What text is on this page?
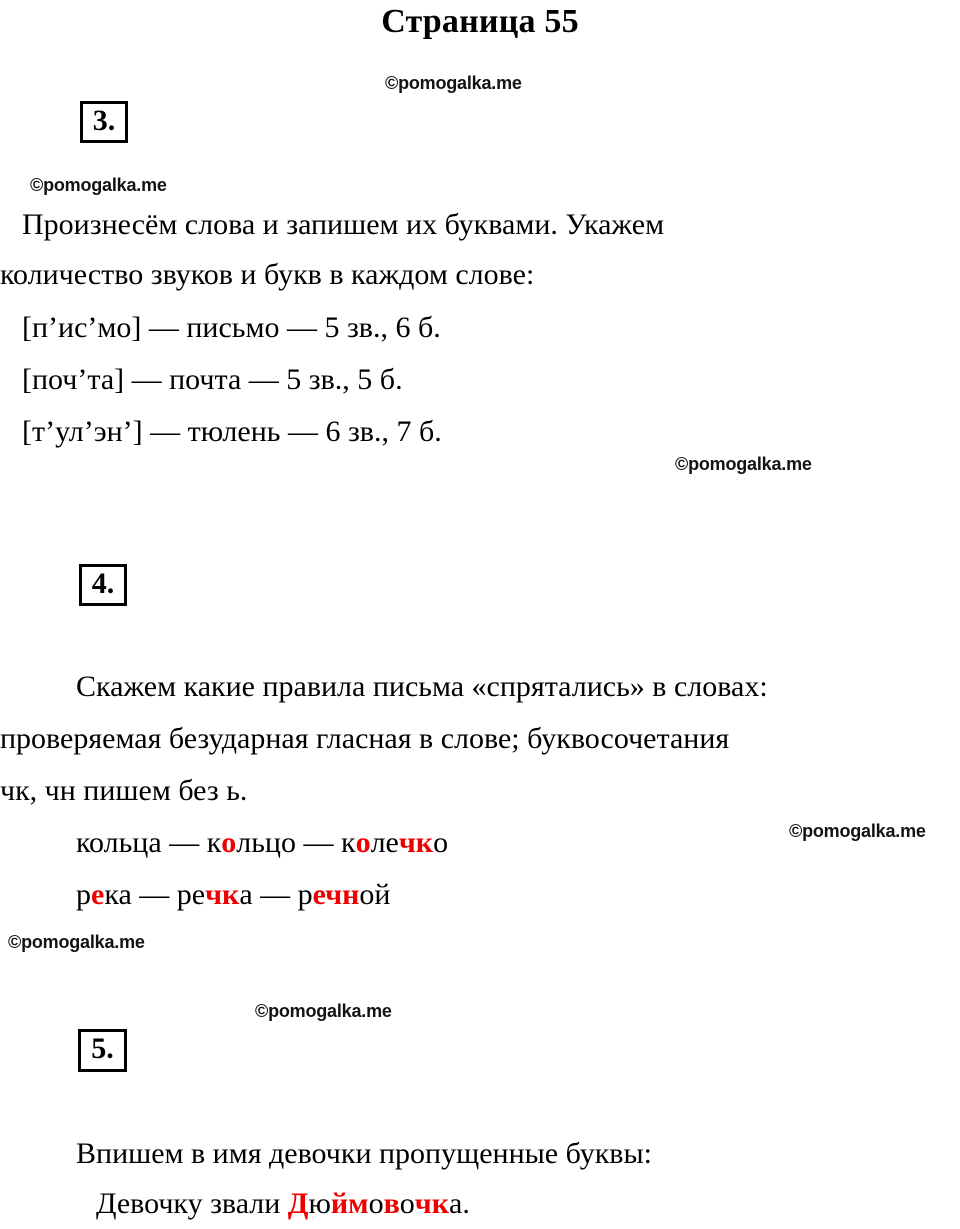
Страница 55
©pomogalka.me
©pomogalka.me
©pomogalka.me
©pomogalka.me
©pomogalka.me
©pomogalka.me
3.
Произнесём слова и запишем их буквами. Укажем
количество звуков и букв в каждом слове:
[п’ис’мо] — письмо — 5 зв., 6 б.
[поч’та] — почта — 5 зв., 5 б.
[т’ул’эн’] — тюлень — 6 зв., 7 б.
4.
Скажем какие правила письма «спрятались» в словах:
проверяемая безударная гласная в слове; буквосочетания
чк, чн пишем без ь.
кольца — кольцо — колечко
река — речка — речной
5.
Впишем в имя девочки пропущенные буквы:
Девочку звали Дюймовочка.
